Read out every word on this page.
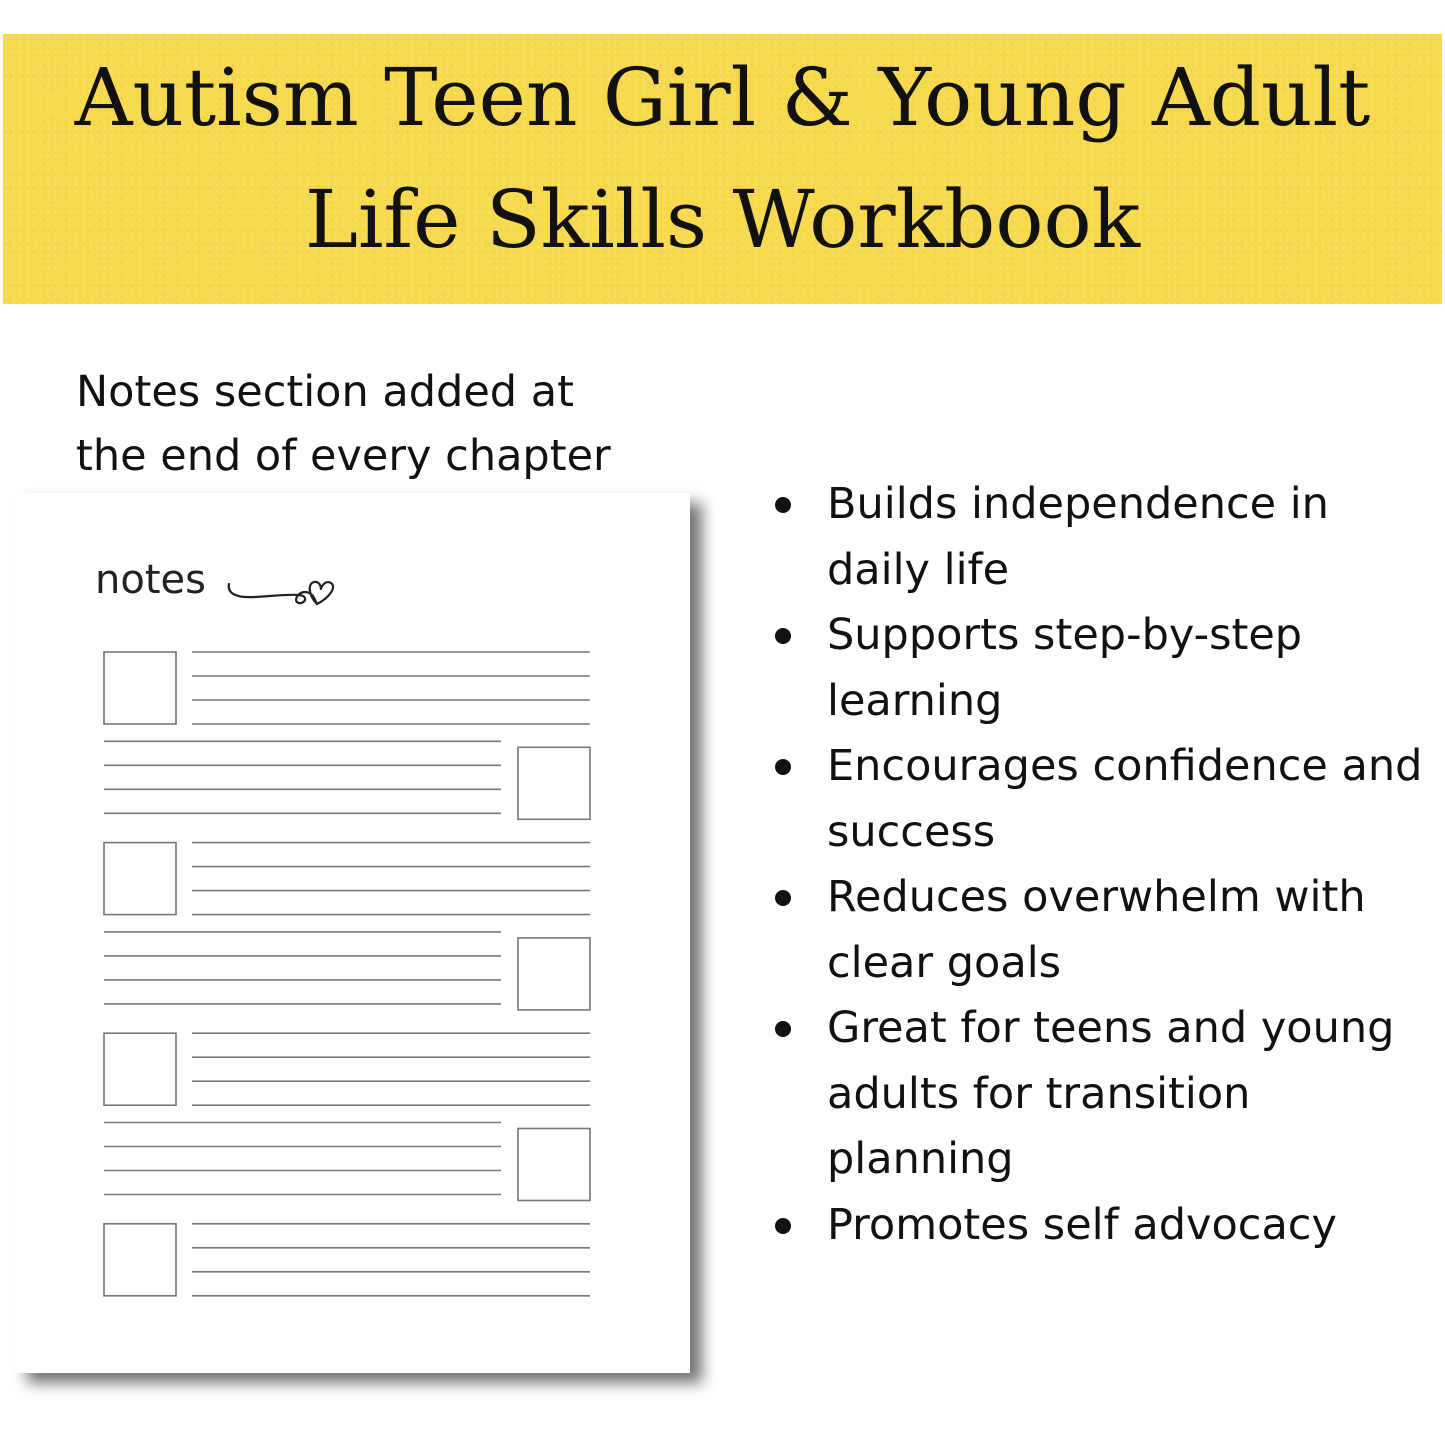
Autism Teen Girl & Young Adult
Life Skills Workbook
Notes section added at
the end of every chapter
notes
Builds independence in daily life
Supports step-by-step learning
Encourages confidence and success
Reduces overwhelm with clear goals
Great for teens and young adults for transition planning
Promotes self advocacy
